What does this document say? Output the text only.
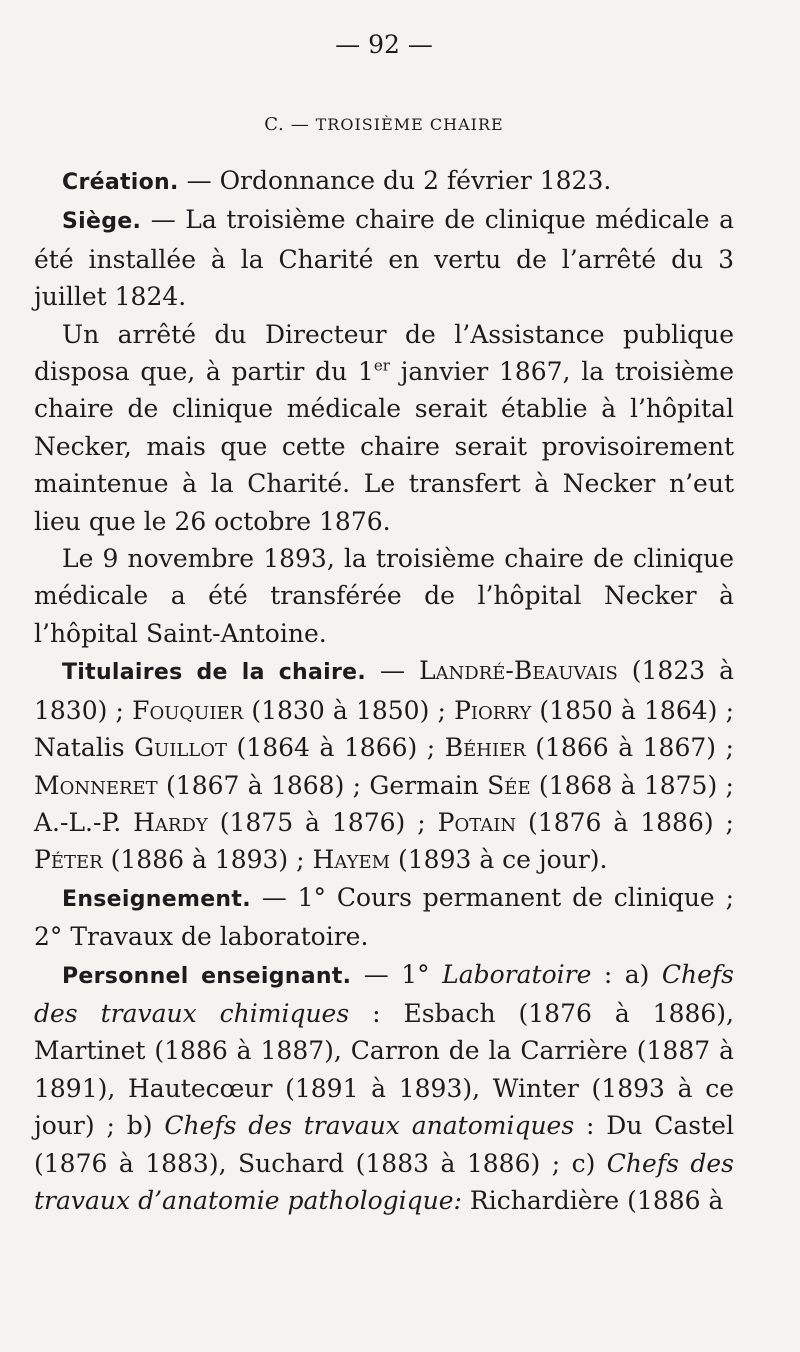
— 92 —
C. — TROISIÈME CHAIRE

Création. — Ordonnance du 2 février 1823.

Siège. — La troisième chaire de clinique médicale a été installée à la Charité en vertu de l’arrêté du 3 juillet 1824.

Un arrêté du Directeur de l’Assistance publique disposa que, à partir du 1er janvier 1867, la troisième chaire de clinique médicale serait établie à l’hôpital Necker, mais que cette chaire serait provisoirement maintenue à la Charité. Le transfert à Necker n’eut lieu que le 26 octobre 1876.

Le 9 novembre 1893, la troisième chaire de clinique médicale a été transférée de l’hôpital Necker à l’hôpital Saint-Antoine.

Titulaires de la chaire. — Landré-Beauvais (1823 à 1830) ; Fouquier (1830 à 1850) ; Piorry (1850 à 1864) ; Natalis Guillot (1864 à 1866) ; Béhier (1866 à 1867) ; Monneret (1867 à 1868) ; Germain Sée (1868 à 1875) ; A.-L.-P. Hardy (1875 à 1876) ; Potain (1876 à 1886) ; Péter (1886 à 1893) ; Hayem (1893 à ce jour).

Enseignement. — 1° Cours permanent de clinique ; 2° Travaux de laboratoire.

Personnel enseignant. — 1° Laboratoire : a) Chefs des travaux chimiques : Esbach (1876 à 1886), Martinet (1886 à 1887), Carron de la Carrière (1887 à 1891), Hautecœur (1891 à 1893), Winter (1893 à ce jour) ; b) Chefs des travaux anatomiques : Du Castel (1876 à 1883), Suchard (1883 à 1886) ; c) Chefs des travaux d’anatomie pathologique: Richardière (1886 à
